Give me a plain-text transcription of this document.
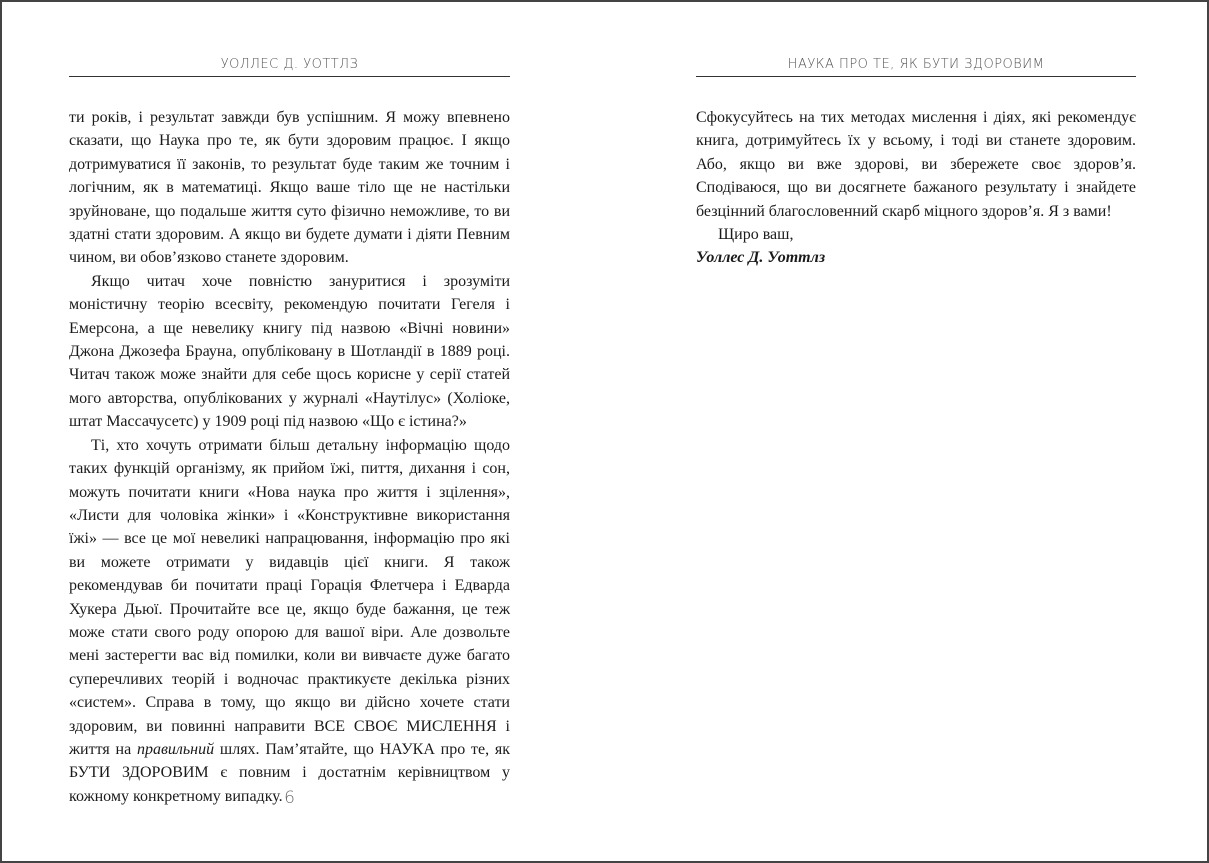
УОЛЛЕС Д. УОТТЛЗ

ти років, і результат завжди був успішним. Я можу впевнено сказати, що Наука про те, як бути здоровим працює. І якщо дотримуватися її законів, то результат буде таким же точним і логічним, як в математиці. Якщо ваше тіло ще не настільки зруйноване, що подальше життя суто фізично неможливе, то ви здатні стати здоровим. А якщо ви будете думати і діяти Певним чином, ви обов’язково станете здоровим.

Якщо читач хоче повністю зануритися і зрозуміти моністичну теорію всесвіту, рекомендую почитати Гегеля і Емерсона, а ще невелику книгу під назвою «Вічні новини» Джона Джозефа Брауна, опубліковану в Шотландії в 1889 році. Читач також може знайти для себе щось корисне у серії статей мого авторства, опублікованих у журналі «Наутілус» (Холіоке, штат Массачусетс) у 1909 році під назвою «Що є істина?»

Ті, хто хочуть отримати більш детальну інформацію щодо таких функцій організму, як прийом їжі, пиття, дихання і сон, можуть почитати книги «Нова наука про життя і зцілення», «Листи для чоловіка жінки» і «Конструктивне використання їжі» — все це мої невеликі напрацювання, інформацію про які ви можете отримати у видавців цієї книги. Я також рекомендував би почитати праці Горація Флетчера і Едварда Хукера Дьюї. Прочитайте все це, якщо буде бажання, це теж може стати свого роду опорою для вашої віри. Але дозвольте мені застерегти вас від помилки, коли ви вивчаєте дуже багато суперечливих теорій і водночас практикуєте декілька різних «систем». Справа в тому, що якщо ви дійсно хочете стати здоровим, ви повинні направити ВСЕ СВОЄ МИСЛЕННЯ і життя на правильний шлях. Пам’ятайте, що НАУКА про те, як БУТИ ЗДОРОВИМ є повним і достатнім керівництвом у кожному конкретному випадку. 6
НАУКА ПРО ТЕ, ЯК БУТИ ЗДОРОВИМ

Сфокусуйтесь на тих методах мислення і діях, які рекомендує книга, дотримуйтесь їх у всьому, і тоді ви станете здоровим. Або, якщо ви вже здорові, ви збережете своє здоров’я. Сподіваюся, що ви досягнете бажаного результату і знайдете безцінний благословенний скарб міцного здоров’я. Я з вами!

Щиро ваш,

Уоллес Д. Уоттлз
